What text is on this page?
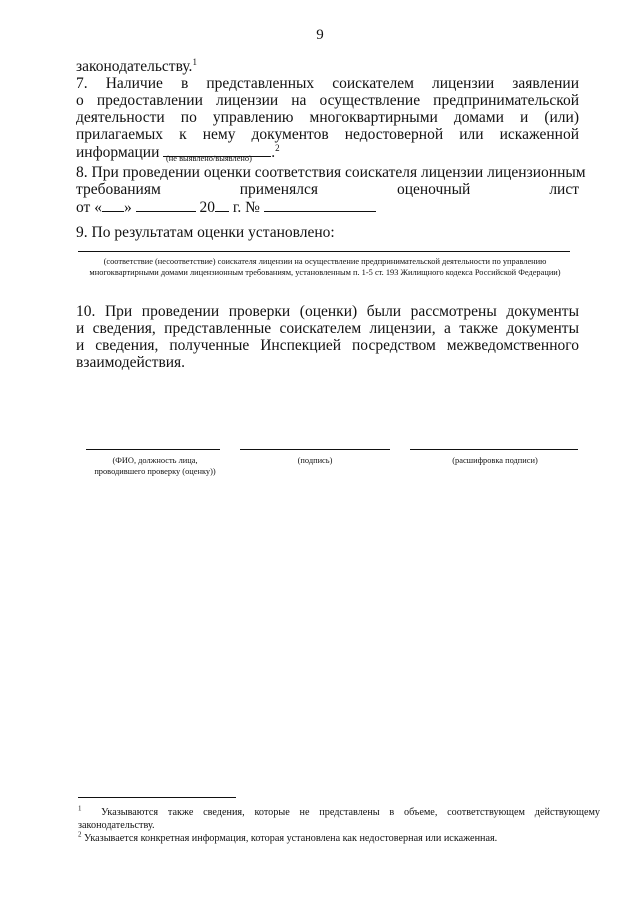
9
законодательству.$^1$
7. Наличие в представленных соискателем лицензии заявлении
о предоставлении лицензии на осуществление предпринимательской
деятельности по управлению многоквартирными домами и (или)
прилагаемых к нему документов недостоверной или искаженной
информации	.$^2$
(не выявлено/выявлено)
8. При проведении оценки соответствия соискателя лицензии лицензионным
требованиям применялся оценочный лист
от « »	20 г. №
9. По результатам оценки установлено:
(соответствие (несоответствие) соискателя лицензии на осуществление предпринимательской деятельности по управлению
многоквартирными домами лицензионным требованиям, установленным п. 1-5 ст. 193 Жилищного кодекса Российской Федерации)
10. При проведении проверки (оценки) были рассмотрены документы
и сведения, представленные соискателем лицензии, а также документы
и сведения, полученные Инспекцией посредством межведомственного
взаимодействия.
(ФИО, должность лица,
проводившего проверку (оценку))
(подпись)	(расшифровка подписи)
$^1$ Указываются также сведения, которые не представлены в объеме, соответствующем действующему
законодательству.
$^2$ Указывается конкретная информация, которая установлена как недостоверная или искаженная.
